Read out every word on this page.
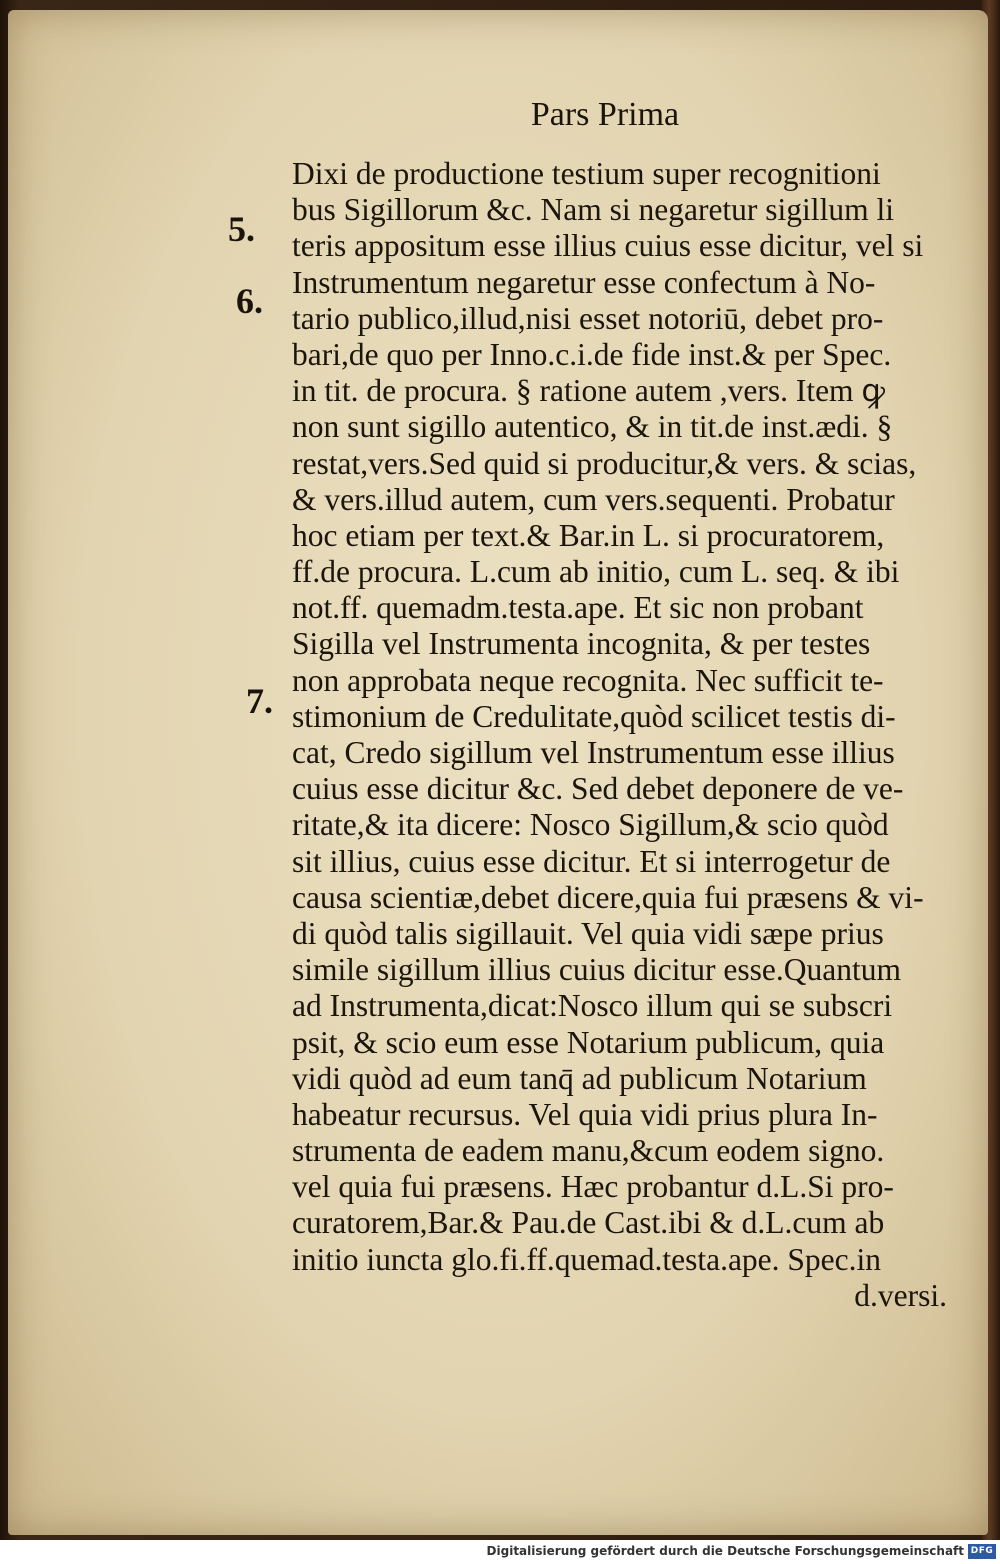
Pars Prima
5.
6.
7.
Dixi de productione testium super recognitioni
bus Sigillorum &c. Nam si negaretur sigillum li
teris appositum esse illius cuius esse dicitur, vel si
Instrumentum negaretur esse confectum à No-
tario publico,illud,nisi esset notoriū, debet pro-
bari,de quo per Inno.c.i.de fide inst.& per Spec.
in tit. de procura. § ratione autem ,vers. Item ꝙ
non sunt sigillo autentico, & in tit.de inst.ædi. §
restat,vers.Sed quid si producitur,& vers. & scias,
& vers.illud autem, cum vers.sequenti. Probatur
hoc etiam per text.& Bar.in L. si procuratorem,
ff.de procura. L.cum ab initio, cum L. seq. & ibi
not.ff. quemadm.testa.ape. Et sic non probant
Sigilla vel Instrumenta incognita, & per testes
non approbata neque recognita. Nec sufficit te-
stimonium de Credulitate,quòd scilicet testis di-
cat, Credo sigillum vel Instrumentum esse illius
cuius esse dicitur &c. Sed debet deponere de ve-
ritate,& ita dicere: Nosco Sigillum,& scio quòd
sit illius, cuius esse dicitur. Et si interrogetur de
causa scientiæ,debet dicere,quia fui præsens & vi-
di quòd talis sigillauit. Vel quia vidi sæpe prius
simile sigillum illius cuius dicitur esse.Quantum
ad Instrumenta,dicat:Nosco illum qui se subscri
psit, & scio eum esse Notarium publicum, quia
vidi quòd ad eum tanq̄ ad publicum Notarium
habeatur recursus. Vel quia vidi prius plura In-
strumenta de eadem manu,&cum eodem signo.
vel quia fui præsens. Hæc probantur d.L.Si pro-
curatorem,Bar.& Pau.de Cast.ibi & d.L.cum ab
initio iuncta glo.fi.ff.quemad.testa.ape. Spec.in
d.versi.
Digitalisierung gefördert durch die Deutsche Forschungsgemeinschaft DFG
